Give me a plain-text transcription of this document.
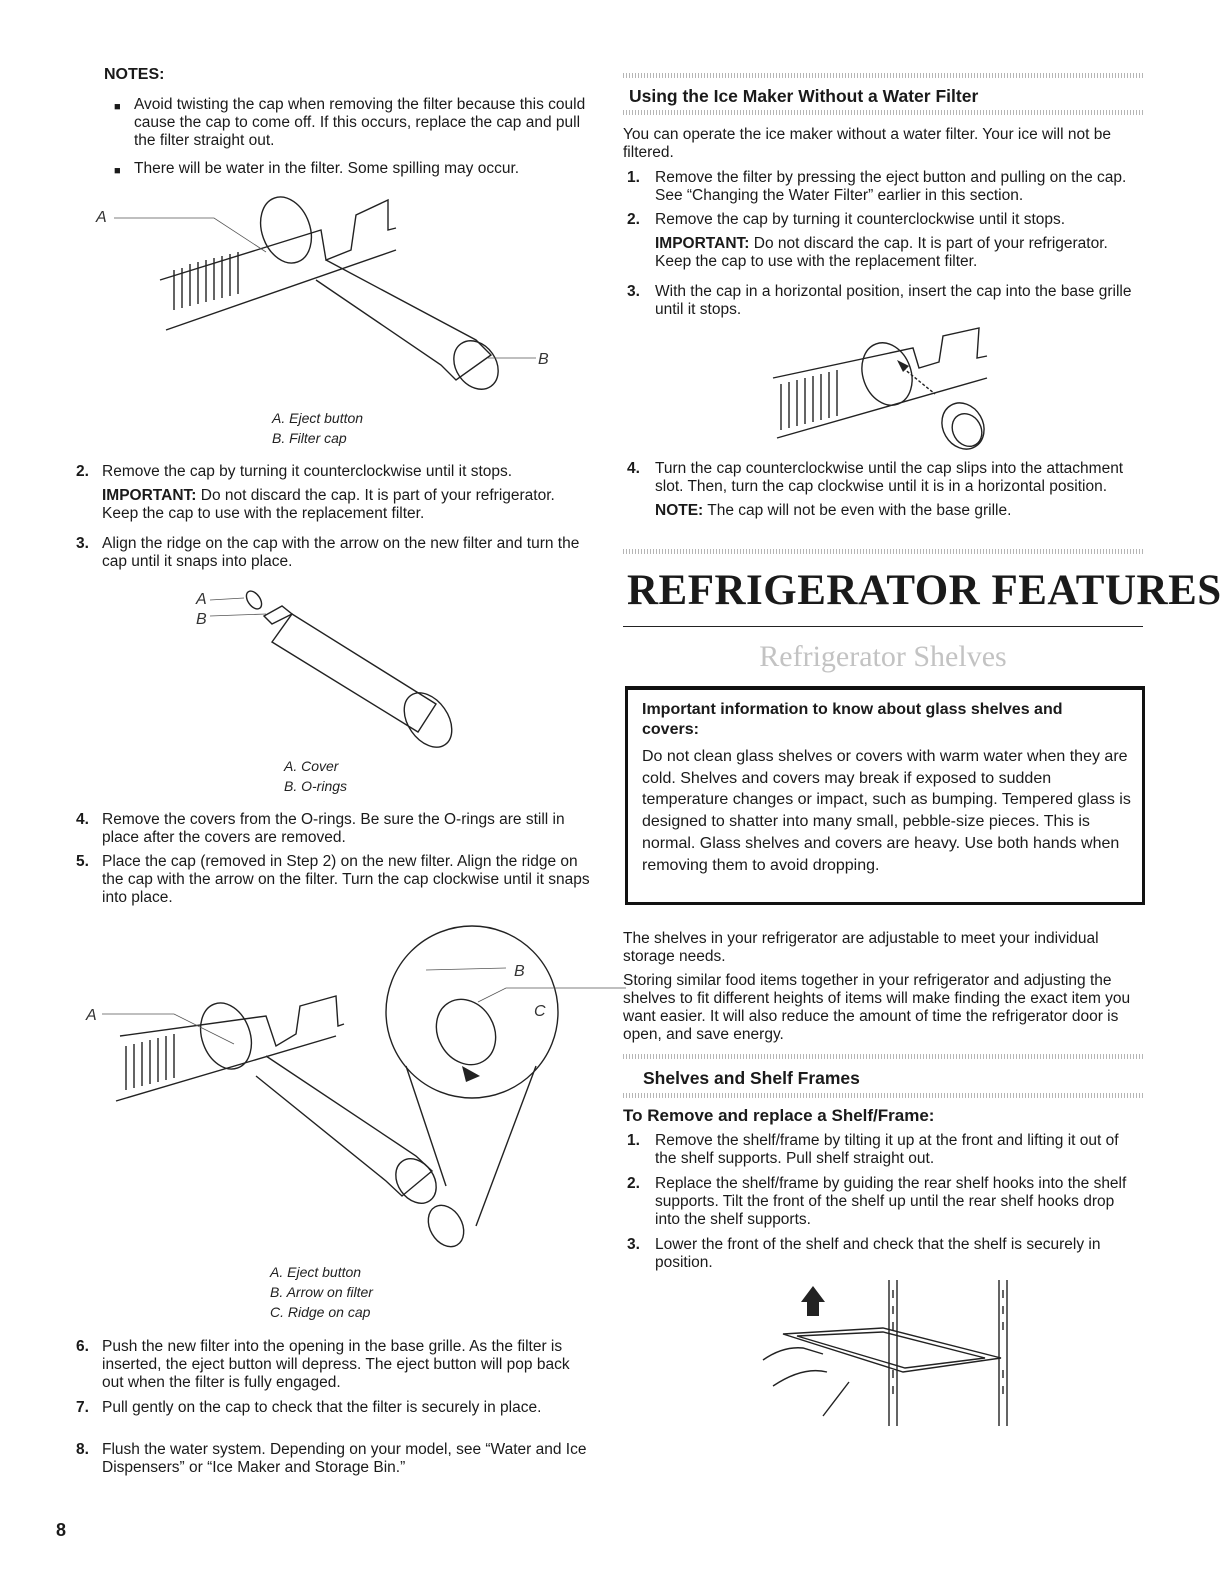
NOTES:
■ Avoid twisting the cap when removing the filter because this could cause the cap to come off. If this occurs, replace the cap and pull the filter straight out.
■ There will be water in the filter. Some spilling may occur.
A
B
A. Eject button
B. Filter cap
2. Remove the cap by turning it counterclockwise until it stops.
IMPORTANT: Do not discard the cap. It is part of your refrigerator. Keep the cap to use with the replacement filter.
3. Align the ridge on the cap with the arrow on the new filter and turn the cap until it snaps into place.
A
B
A. Cover
B. O-rings
4. Remove the covers from the O-rings. Be sure the O-rings are still in place after the covers are removed.
5. Place the cap (removed in Step 2) on the new filter. Align the ridge on the cap with the arrow on the filter. Turn the cap clockwise until it snaps into place.
A
B
C
A. Eject button
B. Arrow on filter
C. Ridge on cap
6. Push the new filter into the opening in the base grille. As the filter is inserted, the eject button will depress. The eject button will pop back out when the filter is fully engaged.
7. Pull gently on the cap to check that the filter is securely in place.
8. Flush the water system. Depending on your model, see “Water and Ice Dispensers” or “Ice Maker and Storage Bin.”
8
Using the Ice Maker Without a Water Filter
You can operate the ice maker without a water filter. Your ice will not be filtered.
1. Remove the filter by pressing the eject button and pulling on the cap. See “Changing the Water Filter” earlier in this section.
2. Remove the cap by turning it counterclockwise until it stops.
IMPORTANT: Do not discard the cap. It is part of your refrigerator. Keep the cap to use with the replacement filter.
3. With the cap in a horizontal position, insert the cap into the base grille until it stops.
4. Turn the cap counterclockwise until the cap slips into the attachment slot. Then, turn the cap clockwise until it is in a horizontal position.
NOTE: The cap will not be even with the base grille.
REFRIGERATOR FEATURES
Refrigerator Shelves
Important information to know about glass shelves and covers:
Do not clean glass shelves or covers with warm water when they are cold. Shelves and covers may break if exposed to sudden temperature changes or impact, such as bumping. Tempered glass is designed to shatter into many small, pebble-size pieces. This is normal. Glass shelves and covers are heavy. Use both hands when removing them to avoid dropping.
The shelves in your refrigerator are adjustable to meet your individual storage needs.
Storing similar food items together in your refrigerator and adjusting the shelves to fit different heights of items will make finding the exact item you want easier. It will also reduce the amount of time the refrigerator door is open, and save energy.
Shelves and Shelf Frames
To Remove and replace a Shelf/Frame:
1. Remove the shelf/frame by tilting it up at the front and lifting it out of the shelf supports. Pull shelf straight out.
2. Replace the shelf/frame by guiding the rear shelf hooks into the shelf supports. Tilt the front of the shelf up until the rear shelf hooks drop into the shelf supports.
3. Lower the front of the shelf and check that the shelf is securely in position.
